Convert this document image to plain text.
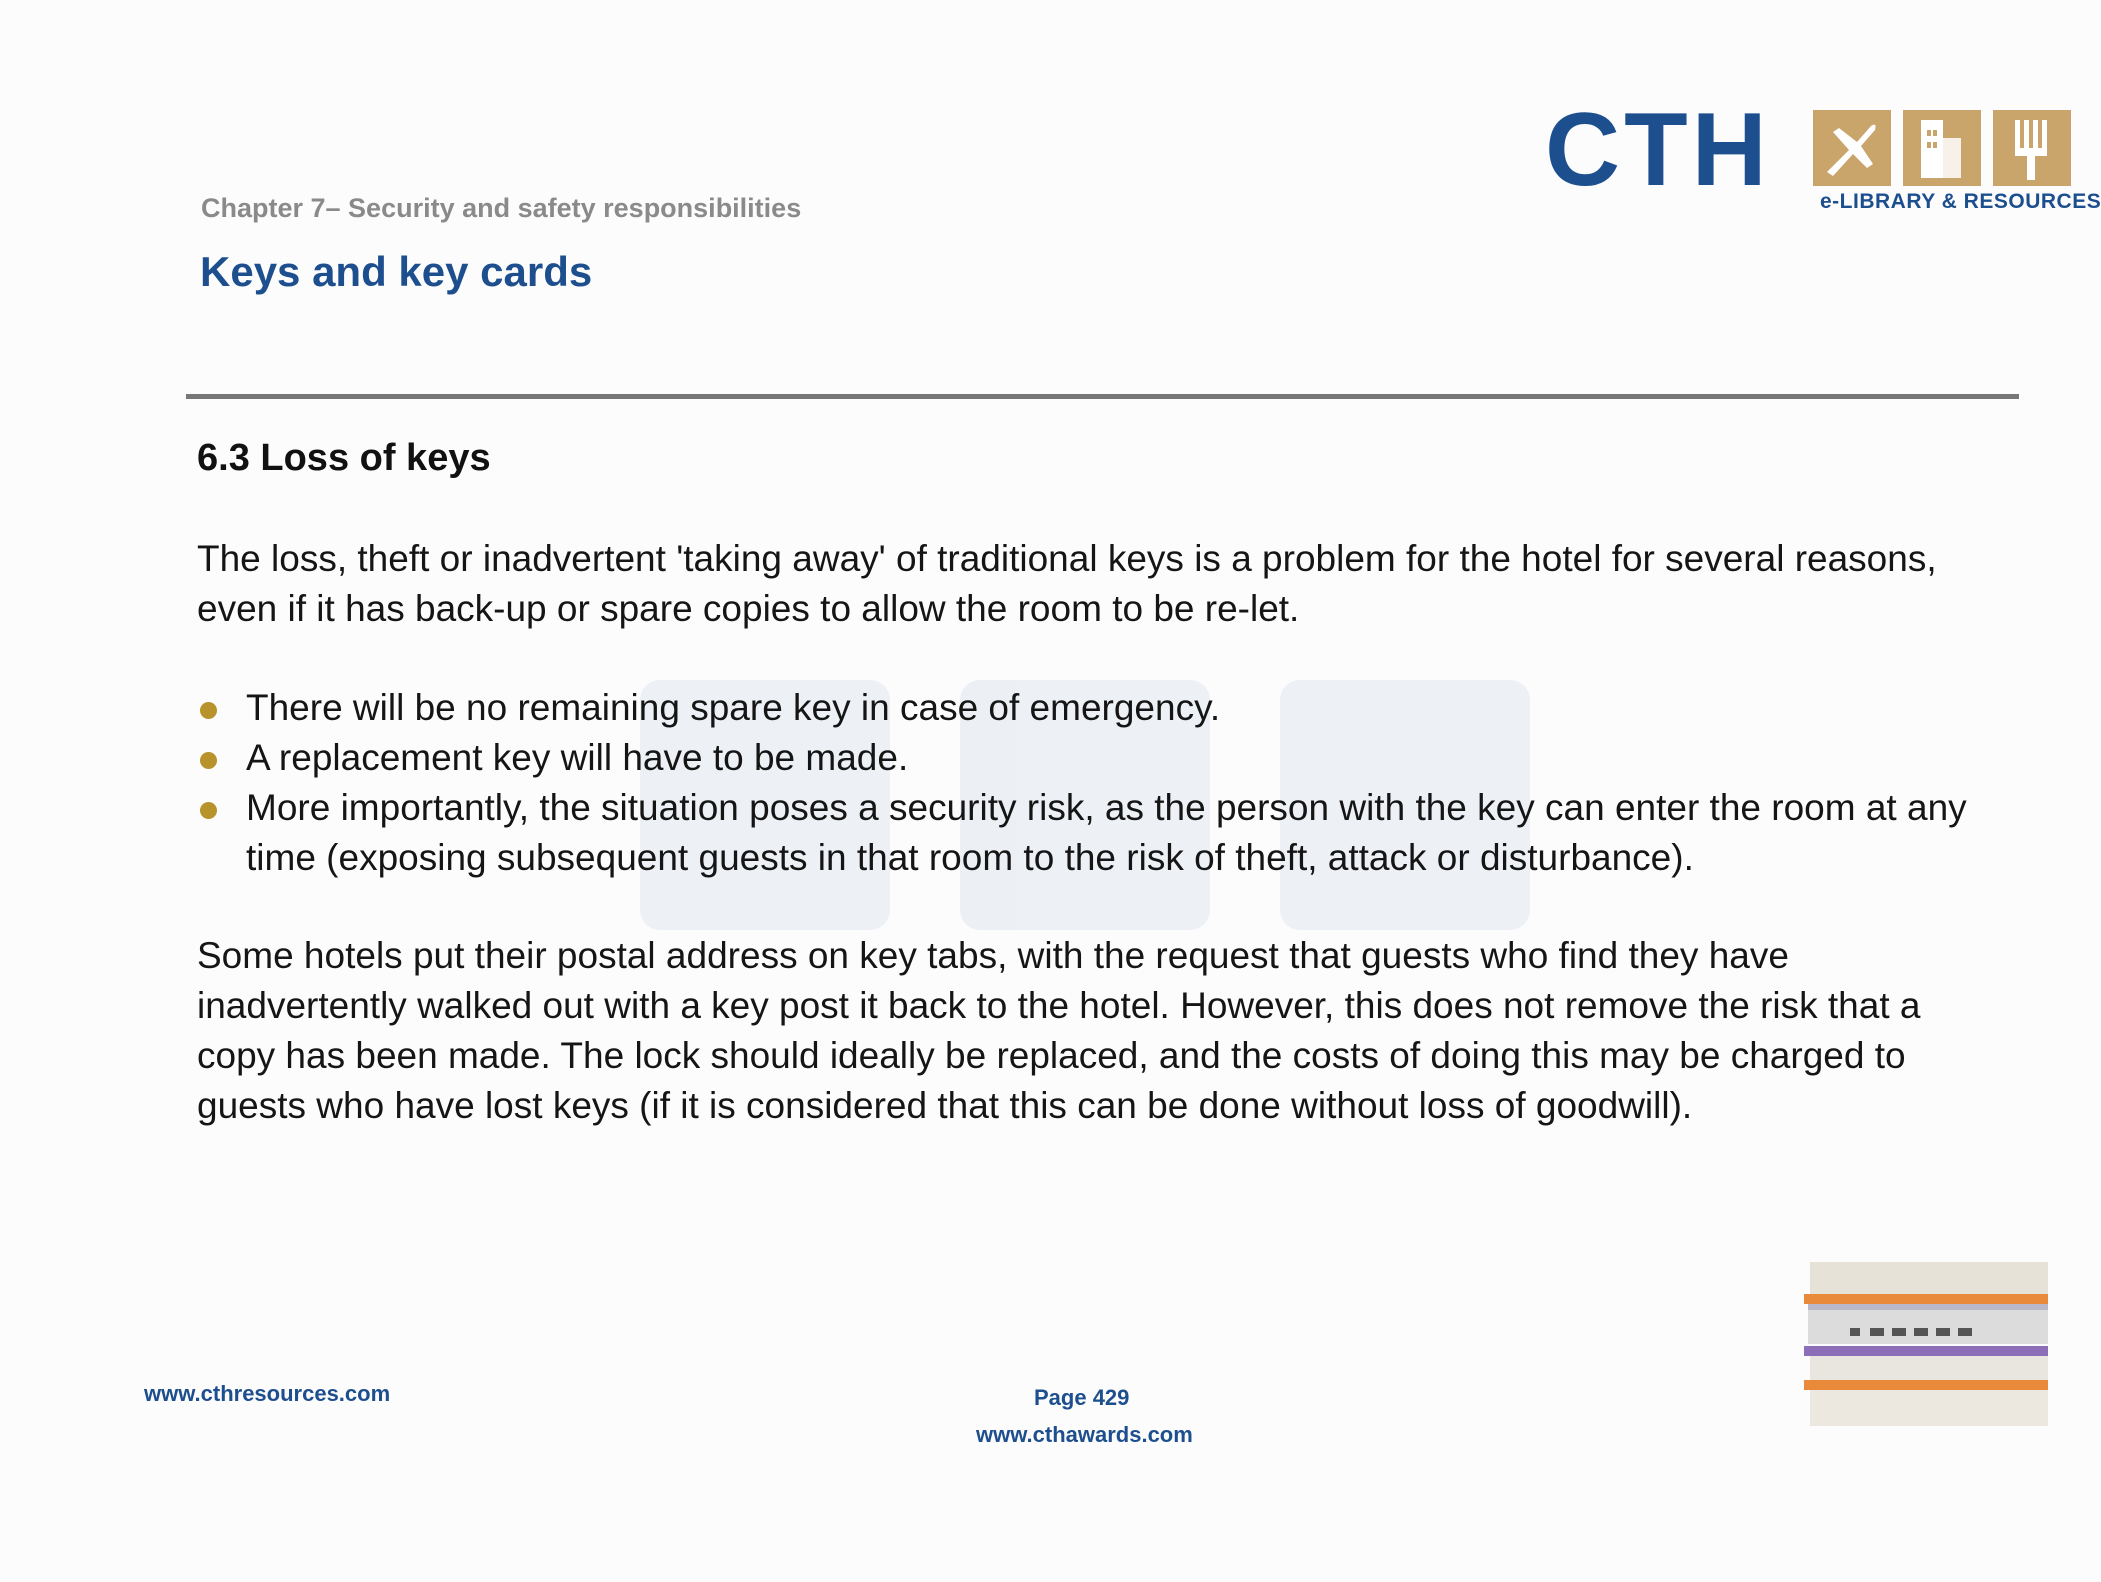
CTH e-LIBRARY & RESOURCES
Chapter 7– Security and safety responsibilities
Keys and key cards
6.3 Loss of keys

The loss, theft or inadvertent 'taking away' of traditional keys is a problem for the hotel for several reasons, even if it has back-up or spare copies to allow the room to be re-let.

There will be no remaining spare key in case of emergency.
A replacement key will have to be made.
More importantly, the situation poses a security risk, as the person with the key can enter the room at any time (exposing subsequent guests in that room to the risk of theft, attack or disturbance).

Some hotels put their postal address on key tabs, with the request that guests who find they have inadvertently walked out with a key post it back to the hotel. However, this does not remove the risk that a copy has been made. The lock should ideally be replaced, and the costs of doing this may be charged to guests who have lost keys (if it is considered that this can be done without loss of goodwill).

www.cthresources.com	Page 429
www.cthawards.com
